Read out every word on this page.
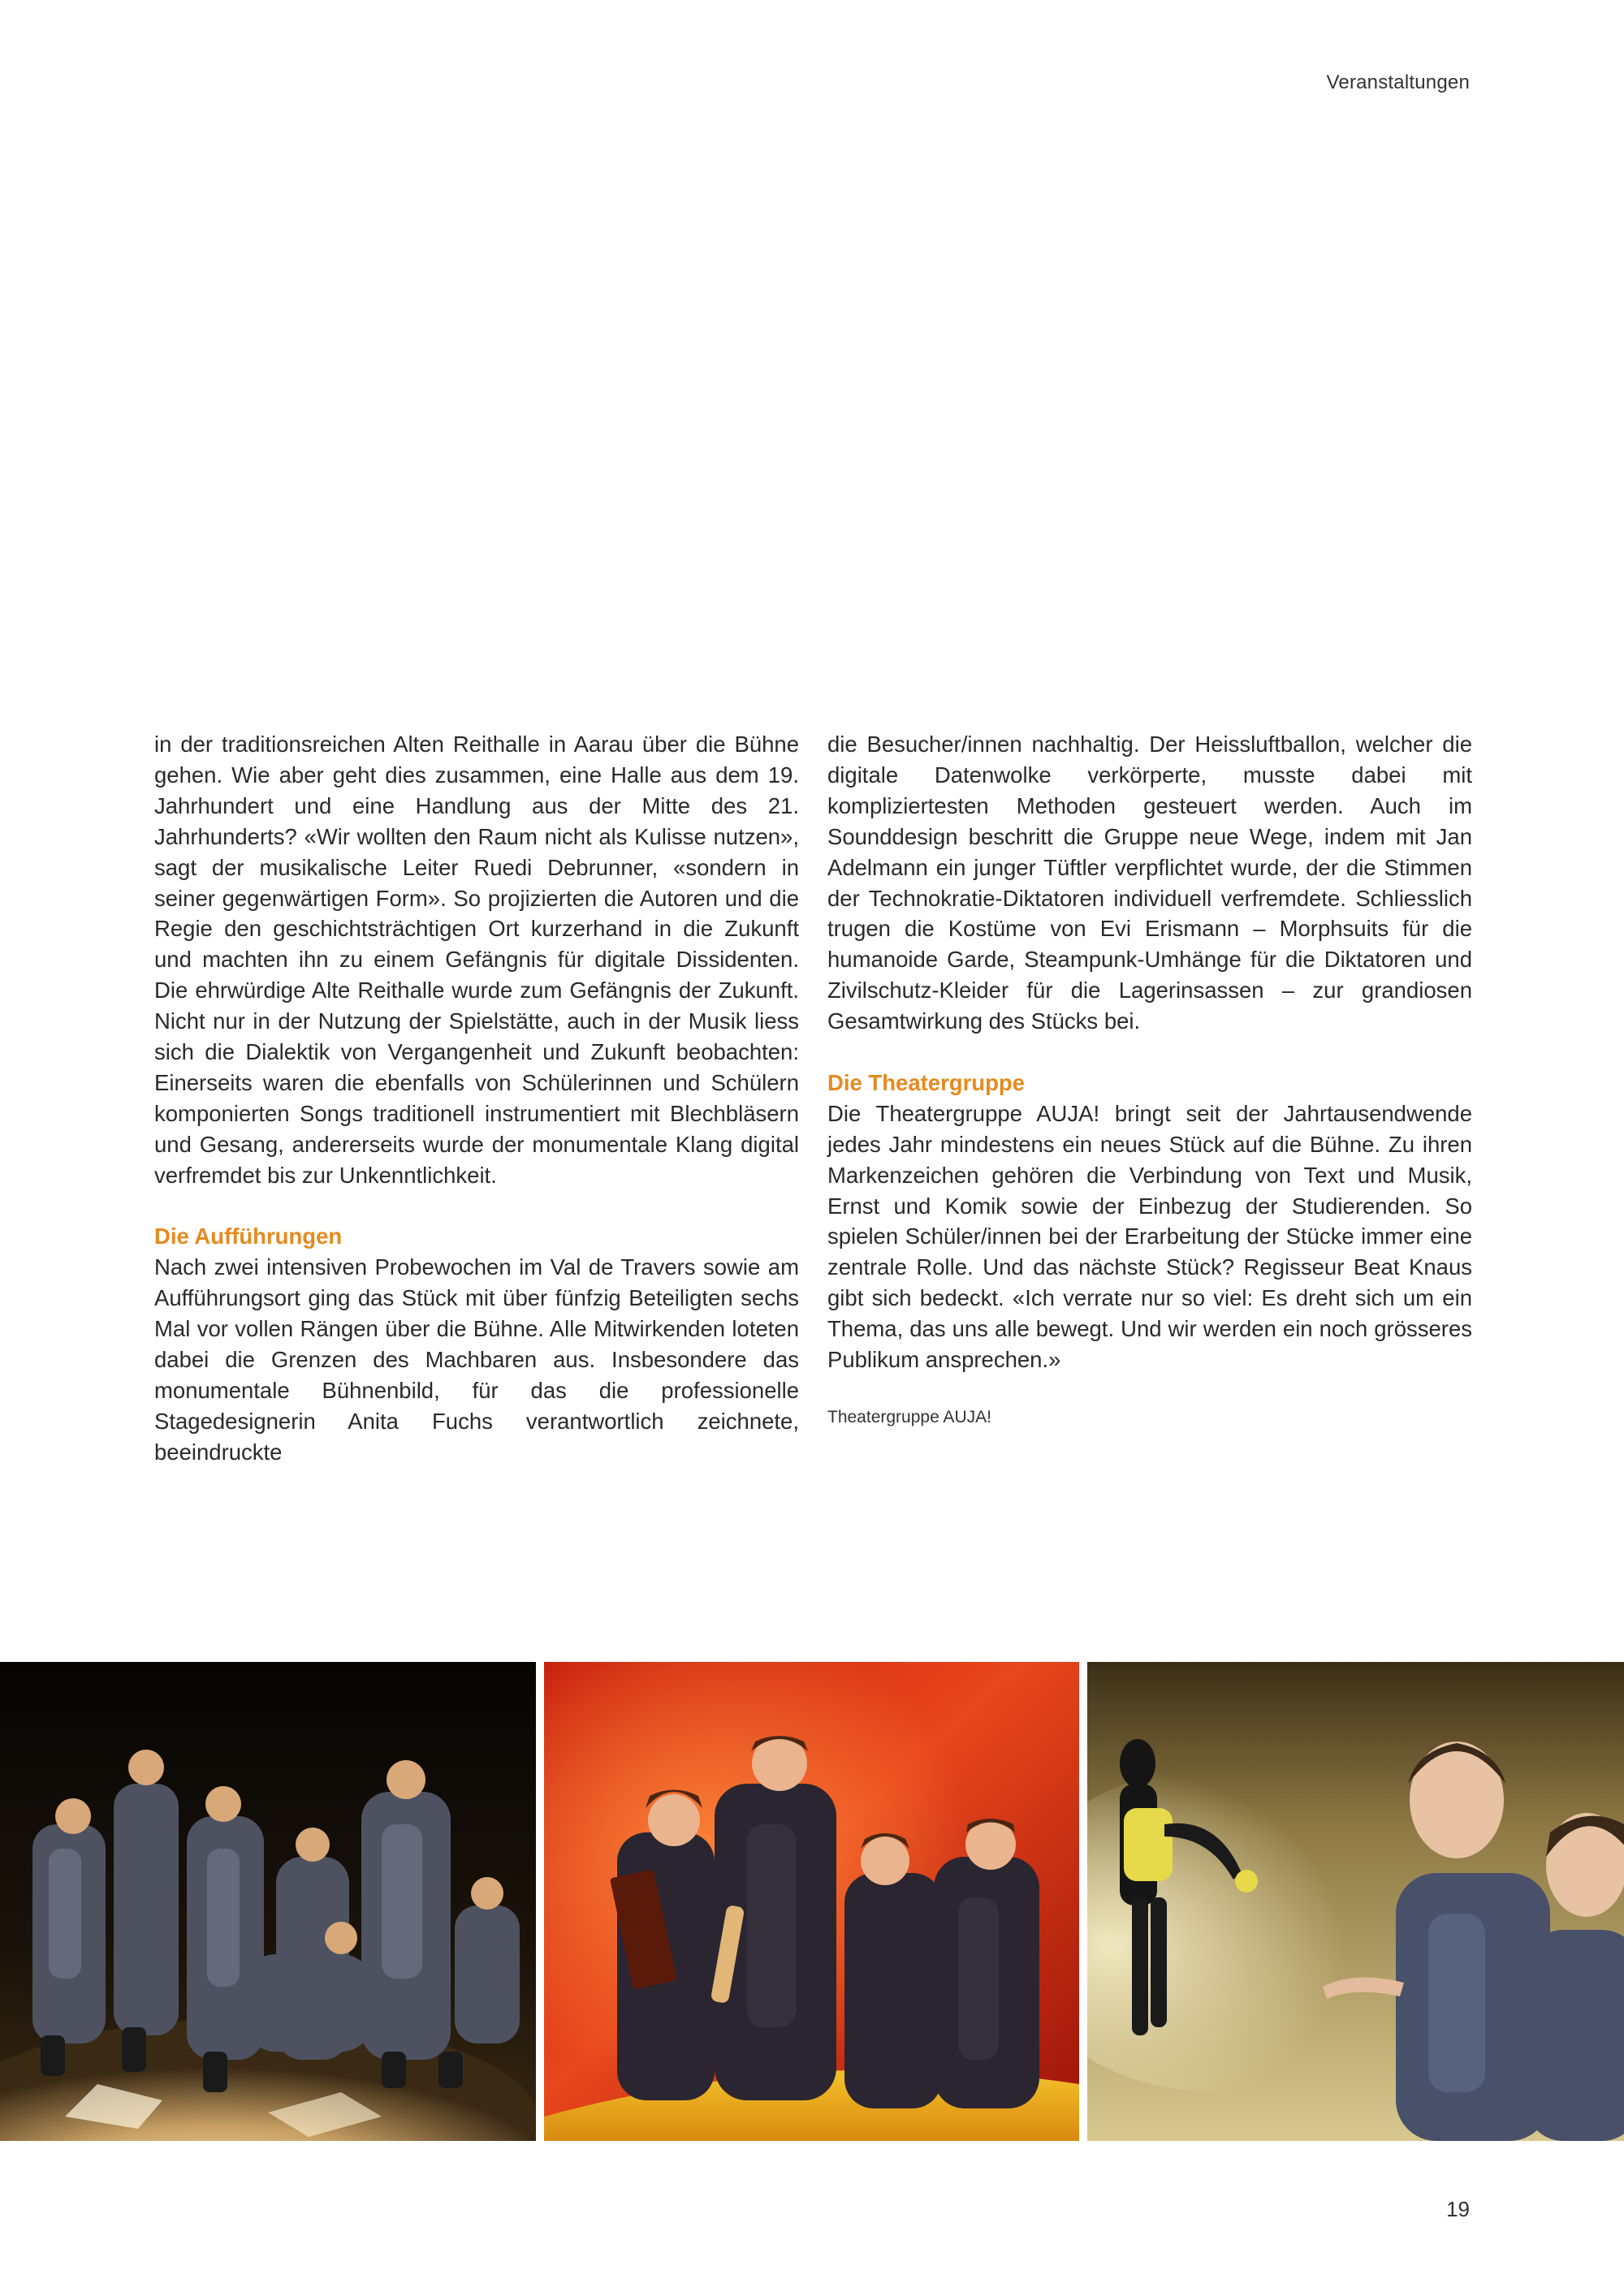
Veranstaltungen

in der traditionsreichen Alten Reithalle in Aarau über die Bühne gehen. Wie aber geht dies zusammen, eine Halle aus dem 19. Jahrhundert und eine Handlung aus der Mitte des 21. Jahrhunderts? «Wir wollten den Raum nicht als Kulisse nutzen», sagt der musikalische Leiter Ruedi Debrunner, «sondern in seiner gegenwärtigen Form». So projizierten die Autoren und die Regie den geschichtsträchtigen Ort kurzerhand in die Zukunft und machten ihn zu einem Gefängnis für digitale Dissidenten. Die ehrwürdige Alte Reithalle wurde zum Gefängnis der Zukunft. Nicht nur in der Nutzung der Spielstätte, auch in der Musik liess sich die Dialektik von Vergangenheit und Zukunft beobachten: Einerseits waren die ebenfalls von Schülerinnen und Schülern komponierten Songs traditionell instrumentiert mit Blechbläsern und Gesang, andererseits wurde der monumentale Klang digital verfremdet bis zur Unkenntlichkeit.

Die Aufführungen

Nach zwei intensiven Probewochen im Val de Travers sowie am Aufführungsort ging das Stück mit über fünfzig Beteiligten sechs Mal vor vollen Rängen über die Bühne. Alle Mitwirkenden loteten dabei die Grenzen des Machbaren aus. Insbesondere das monumentale Bühnenbild, für das die professionelle Stagedesignerin Anita Fuchs verantwortlich zeichnete, beeindruckte

die Besucher/innen nachhaltig. Der Heissluftballon, welcher die digitale Datenwolke verkörperte, musste dabei mit kompliziertesten Methoden gesteuert werden. Auch im Sounddesign beschritt die Gruppe neue Wege, indem mit Jan Adelmann ein junger Tüftler verpflichtet wurde, der die Stimmen der Technokratie-Diktatoren individuell verfremdete. Schliesslich trugen die Kostüme von Evi Erismann – Morphsuits für die humanoide Garde, Steampunk-Umhänge für die Diktatoren und Zivilschutz-Kleider für die Lagerinsassen – zur grandiosen Gesamtwirkung des Stücks bei.

Die Theatergruppe

Die Theatergruppe AUJA! bringt seit der Jahrtausendwende jedes Jahr mindestens ein neues Stück auf die Bühne. Zu ihren Markenzeichen gehören die Verbindung von Text und Musik, Ernst und Komik sowie der Einbezug der Studierenden. So spielen Schüler/innen bei der Erarbeitung der Stücke immer eine zentrale Rolle. Und das nächste Stück? Regisseur Beat Knaus gibt sich bedeckt. «Ich verrate nur so viel: Es dreht sich um ein Thema, das uns alle bewegt. Und wir werden ein noch grösseres Publikum ansprechen.»

Theatergruppe AUJA!
19
